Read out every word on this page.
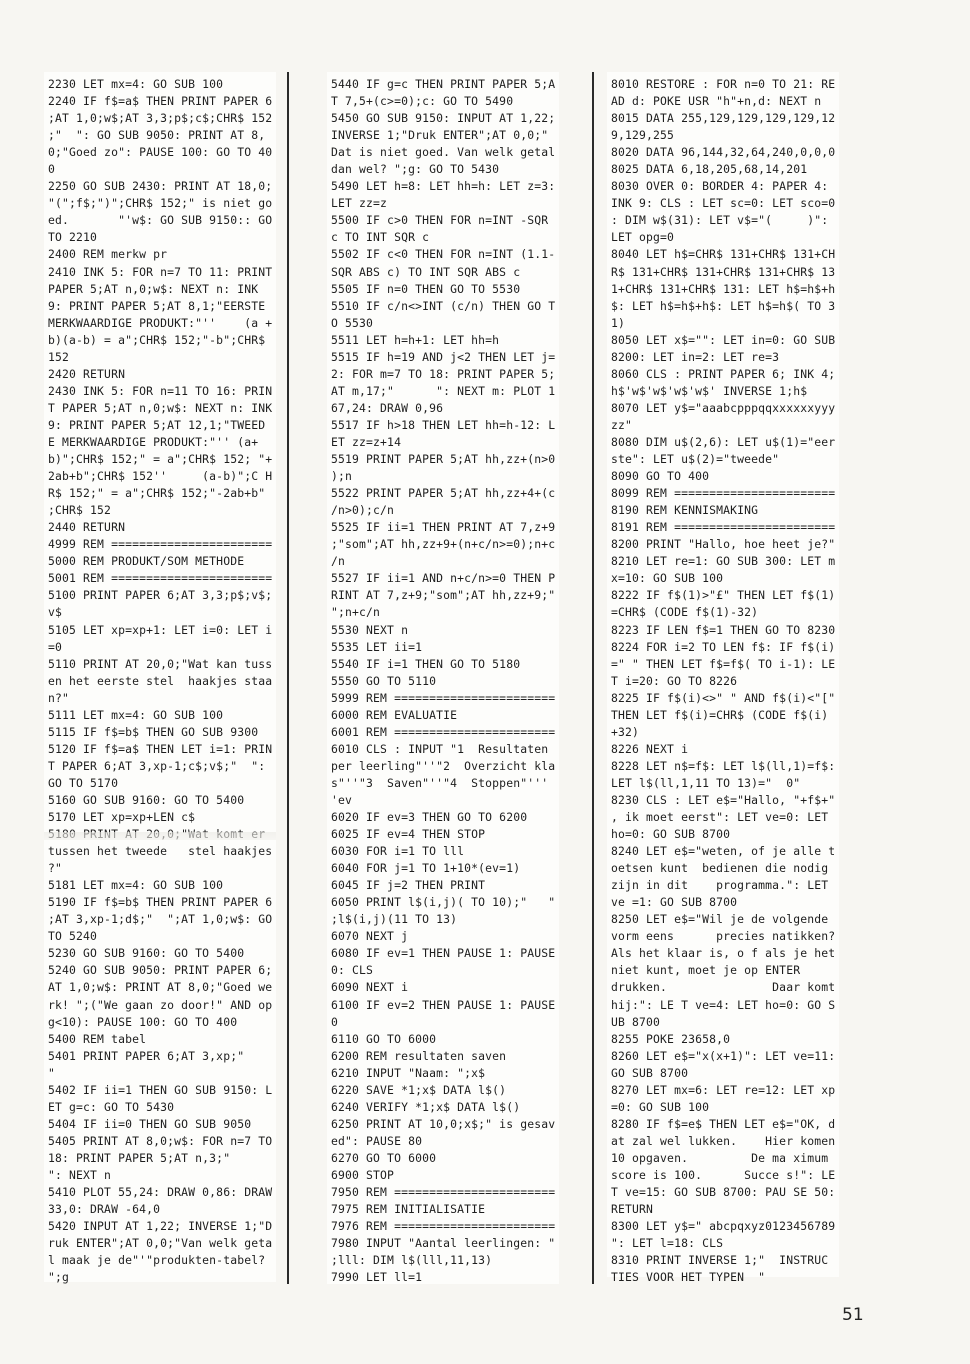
2230 LET mx=4: GO SUB 100
2240 IF f$=a$ THEN PRINT PAPER 6 ;AT 1,0;w$;AT 3,3;p$;c$;CHR$ 152 ;"  ": GO SUB 9050: PRINT AT 8, 0;"Goed zo": PAUSE 100: GO TO 40 0
2250 GO SUB 2430: PRINT AT 18,0; "(";f$;")";CHR$ 152;" is niet go ed.       "'w$: GO SUB 9150:: GO TO 2210
2400 REM merkw pr
2410 INK 5: FOR n=7 TO 11: PRINT PAPER 5;AT n,0;w$: NEXT n: INK 9: PRINT PAPER 5;AT 8,1;"EERSTE MERKWAARDIGE PRODUKT:"''    (a +b)(a-b) = a";CHR$ 152;"-b";CHR$ 152
2420 RETURN
2430 INK 5: FOR n=11 TO 16: PRIN T PAPER 5;AT n,0;w$: NEXT n: INK 9: PRINT PAPER 5;AT 12,1;"TWEED E MERKWAARDIGE PRODUKT:"'' (a+b)";CHR$ 152;" = a";CHR$ 152; "+2ab+b";CHR$ 152''     (a-b)";C HR$ 152;" = a";CHR$ 152;"-2ab+b" ;CHR$ 152
2440 RETURN
4999 REM =======================
5000 REM PRODUKT/SOM METHODE
5001 REM =======================
5100 PRINT PAPER 6;AT 3,3;p$;v$; v$
5105 LET xp=xp+1: LET i=0: LET i =0
5110 PRINT AT 20,0;"Wat kan tuss en het eerste stel  haakjes staa n?"
5111 LET mx=4: GO SUB 100
5115 IF f$=b$ THEN GO SUB 9300
5120 IF f$=a$ THEN LET i=1: PRIN T PAPER 6;AT 3,xp-1;c$;v$;"  ": GO TO 5170
5160 GO SUB 9160: GO TO 5400
5170 LET xp=xp+LEN c$
tussen het tweede   stel haakjes ?"
5181 LET mx=4: GO SUB 100
5190 IF f$=b$ THEN PRINT PAPER 6 ;AT 3,xp-1;d$;"  ";AT 1,0;w$: GO TO 5240
5230 GO SUB 9160: GO TO 5400
5240 GO SUB 9050: PRINT PAPER 6; AT 1,0;w$: PRINT AT 8,0;"Goed we rk! ";("We gaan zo door!" AND op g<10): PAUSE 100: GO TO 400
5400 REM tabel
5401 PRINT PAPER 6;AT 3,xp;"     "
5402 IF ii=1 THEN GO SUB 9150: L ET g=c: GO TO 5430
5404 IF ii=0 THEN GO SUB 9050
5405 PRINT AT 8,0;w$: FOR n=7 TO 18: PRINT PAPER 5;AT n,3;"      ": NEXT n
5410 PLOT 55,24: DRAW 0,86: DRAW 33,0: DRAW -64,0
5420 INPUT AT 1,22; INVERSE 1;"D ruk ENTER";AT 0,0;"Van welk geta l maak je de"'"produkten-tabel? ";g
5440 IF g=c THEN PRINT PAPER 5;A T 7,5+(c>=0);c: GO TO 5490
5450 GO SUB 9150: INPUT AT 1,22; INVERSE 1;"Druk ENTER";AT 0,0;" Dat is niet goed. Van welk getal dan wel? ";g: GO TO 5430
5490 LET h=8: LET hh=h: LET z=3: LET zz=z
5500 IF c>0 THEN FOR n=INT -SQR c TO INT SQR c
5502 IF c<0 THEN FOR n=INT (1.1- SQR ABS c) TO INT SQR ABS c
5505 IF n=0 THEN GO TO 5530
5510 IF c/n<>INT (c/n) THEN GO T O 5530
5511 LET h=h+1: LET hh=h
5515 IF h=19 AND j<2 THEN LET j= 2: FOR m=7 TO 18: PRINT PAPER 5; AT m,17;"      ": NEXT m: PLOT 167,24: DRAW 0,96
5517 IF h>18 THEN LET hh=h-12: L ET zz=z+14
5519 PRINT PAPER 5;AT hh,zz+(n>0 );n
5522 PRINT PAPER 5;AT hh,zz+4+(c /n>0);c/n
5525 IF ii=1 THEN PRINT AT 7,z+9 ;"som";AT hh,zz+9+(n+c/n>=0);n+c /n
5527 IF ii=1 AND n+c/n>=0 THEN P RINT AT 7,z+9;"som";AT hh,zz+9;" ";n+c/n
5530 NEXT n
5535 LET ii=1
5540 IF i=1 THEN GO TO 5180
5550 GO TO 5110
5999 REM =======================
6000 REM EVALUATIE
6001 REM =======================
6010 CLS : INPUT "1  Resultaten per leerling"''"2  Overzicht kla s"''"3  Saven"''"4  Stoppen"''' 'ev
6020 IF ev=3 THEN GO TO 6200
6025 IF ev=4 THEN STOP
6030 FOR i=1 TO lll
6040 FOR j=1 TO 1+10*(ev=1)
6045 IF j=2 THEN PRINT
6050 PRINT l$(i,j)( TO 10);"   " ;l$(i,j)(11 TO 13)
6070 NEXT j
6080 IF ev=1 THEN PAUSE 1: PAUSE 0: CLS
6090 NEXT i
6100 IF ev=2 THEN PAUSE 1: PAUSE 0
6110 GO TO 6000
6200 REM resultaten saven
6210 INPUT "Naam: ";x$
6220 SAVE *1;x$ DATA l$()
6240 VERIFY *1;x$ DATA l$()
6250 PRINT AT 10,0;x$;" is gesav ed": PAUSE 80
6270 GO TO 6000
6900 STOP
7950 REM =======================
7975 REM INITIALISATIE
7976 REM =======================
7980 INPUT "Aantal leerlingen: " ;lll: DIM l$(lll,11,13)
7990 LET ll=1
8010 RESTORE : FOR n=0 TO 21: RE AD d: POKE USR "h"+n,d: NEXT n
8015 DATA 255,129,129,129,129,12 9,129,255
8020 DATA 96,144,32,64,240,0,0,0
8025 DATA 6,18,205,68,14,201
8030 OVER 0: BORDER 4: PAPER 4: INK 9: CLS : LET sc=0: LET sco=0 : DIM w$(31): LET v$="(     )": LET opg=0
8040 LET h$=CHR$ 131+CHR$ 131+CH R$ 131+CHR$ 131+CHR$ 131+CHR$ 13 1+CHR$ 131+CHR$ 131: LET h$=h$+h $: LET h$=h$+h$: LET h$=h$( TO 3 1)
8050 LET x$="": LET in=0: GO SUB 8200: LET in=2: LET re=3
8060 CLS : PRINT PAPER 6; INK 4; h$'w$'w$'w$'w$' INVERSE 1;h$
8070 LET y$="aaabcpppqqxxxxxxyyy zz"
8080 DIM u$(2,6): LET u$(1)="eer ste": LET u$(2)="tweede"
8090 GO TO 400
8099 REM =======================
8190 REM KENNISMAKING
8191 REM =======================
8200 PRINT "Hallo, hoe heet je?"
8210 LET re=1: GO SUB 300: LET m x=10: GO SUB 100
8222 IF f$(1)>"£" THEN LET f$(1) =CHR$ (CODE f$(1)-32)
8223 IF LEN f$=1 THEN GO TO 8230
8224 FOR i=2 TO LEN f$: IF f$(i) =" " THEN LET f$=f$( TO i-1): LE T i=20: GO TO 8226
8225 IF f$(i)<>" " AND f$(i)<"[" THEN LET f$(i)=CHR$ (CODE f$(i) +32)
8226 NEXT i
8228 LET n$=f$: LET l$(ll,1)=f$: LET l$(ll,1,11 TO 13)="  0"
8230 CLS : LET e$="Hallo, "+f$+" , ik moet eerst": LET ve=0: LET ho=0: GO SUB 8700
8240 LET e$="weten, of je alle t oetsen kunt  bedienen die nodig zijn in dit    programma.": LET ve =1: GO SUB 8700
8250 LET e$="Wil je de volgende vorm eens      precies natikken?         Als het klaar is, o f als je het niet kunt, moet je op ENTER       drukken.               Daar komt hij:": LE T ve=4: LET ho=0: GO SUB 8700
8255 POKE 23658,0
8260 LET e$="x(x+1)": LET ve=11: GO SUB 8700
8270 LET mx=6: LET re=12: LET xp =0: GO SUB 100
8280 IF f$=e$ THEN LET e$="OK, d at zal wel lukken.    Hier komen 10 opgaven.         De ma ximum score is 100.      Succe s!": LET ve=15: GO SUB 8700: PAU SE 50: RETURN
8300 LET y$=" abcpqxyz0123456789 ": LET l=18: CLS
8310 PRINT INVERSE 1;"  INSTRUC TIES VOOR HET TYPEN  "
51
